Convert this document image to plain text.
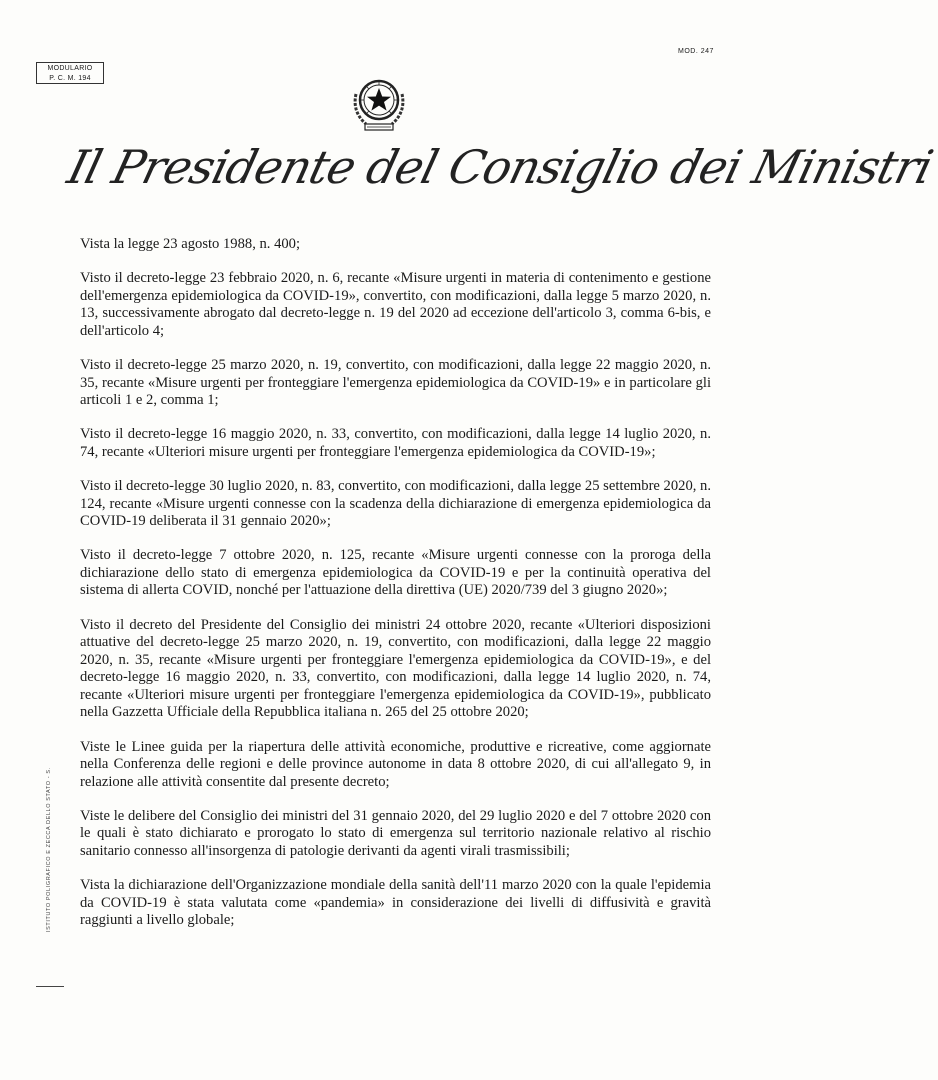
MODULARIO
P. C. M. 194
MOD. 247
Il Presidente del Consiglio dei Ministri

Vista la legge 23 agosto 1988, n. 400;

Visto il decreto-legge 23 febbraio 2020, n. 6, recante «Misure urgenti in materia di contenimento e gestione dell'emergenza epidemiologica da COVID-19», convertito, con modificazioni, dalla legge 5 marzo 2020, n. 13, successivamente abrogato dal decreto-legge n. 19 del 2020 ad eccezione dell'articolo 3, comma 6-bis, e dell'articolo 4;

Visto il decreto-legge 25 marzo 2020, n. 19, convertito, con modificazioni, dalla legge 22 maggio 2020, n. 35, recante «Misure urgenti per fronteggiare l'emergenza epidemiologica da COVID-19» e in particolare gli articoli 1 e 2, comma 1;

Visto il decreto-legge 16 maggio 2020, n. 33, convertito, con modificazioni, dalla legge 14 luglio 2020, n. 74, recante «Ulteriori misure urgenti per fronteggiare l'emergenza epidemiologica da COVID-19»;

Visto il decreto-legge 30 luglio 2020, n. 83, convertito, con modificazioni, dalla legge 25 settembre 2020, n. 124, recante «Misure urgenti connesse con la scadenza della dichiarazione di emergenza epidemiologica da COVID-19 deliberata il 31 gennaio 2020»;

Visto il decreto-legge 7 ottobre 2020, n. 125, recante «Misure urgenti connesse con la proroga della dichiarazione dello stato di emergenza epidemiologica da COVID-19 e per la continuità operativa del sistema di allerta COVID, nonché per l'attuazione della direttiva (UE) 2020/739 del 3 giugno 2020»;

Visto il decreto del Presidente del Consiglio dei ministri 24 ottobre 2020, recante «Ulteriori disposizioni attuative del decreto-legge 25 marzo 2020, n. 19, convertito, con modificazioni, dalla legge 22 maggio 2020, n. 35, recante «Misure urgenti per fronteggiare l'emergenza epidemiologica da COVID-19», e del decreto-legge 16 maggio 2020, n. 33, convertito, con modificazioni, dalla legge 14 luglio 2020, n. 74, recante «Ulteriori misure urgenti per fronteggiare l'emergenza epidemiologica da COVID-19», pubblicato nella Gazzetta Ufficiale della Repubblica italiana n. 265 del 25 ottobre 2020;

Viste le Linee guida per la riapertura delle attività economiche, produttive e ricreative, come aggiornate nella Conferenza delle regioni e delle province autonome in data 8 ottobre 2020, di cui all'allegato 9, in relazione alle attività consentite dal presente decreto;

Viste le delibere del Consiglio dei ministri del 31 gennaio 2020, del 29 luglio 2020 e del 7 ottobre 2020 con le quali è stato dichiarato e prorogato lo stato di emergenza sul territorio nazionale relativo al rischio sanitario connesso all'insorgenza di patologie derivanti da agenti virali trasmissibili;

Vista la dichiarazione dell'Organizzazione mondiale della sanità dell'11 marzo 2020 con la quale l'epidemia da COVID-19 è stata valutata come «pandemia» in considerazione dei livelli di diffusività e gravità raggiunti a livello globale;

ISTITUTO POLIGRAFICO E ZECCA DELLO STATO - S.
